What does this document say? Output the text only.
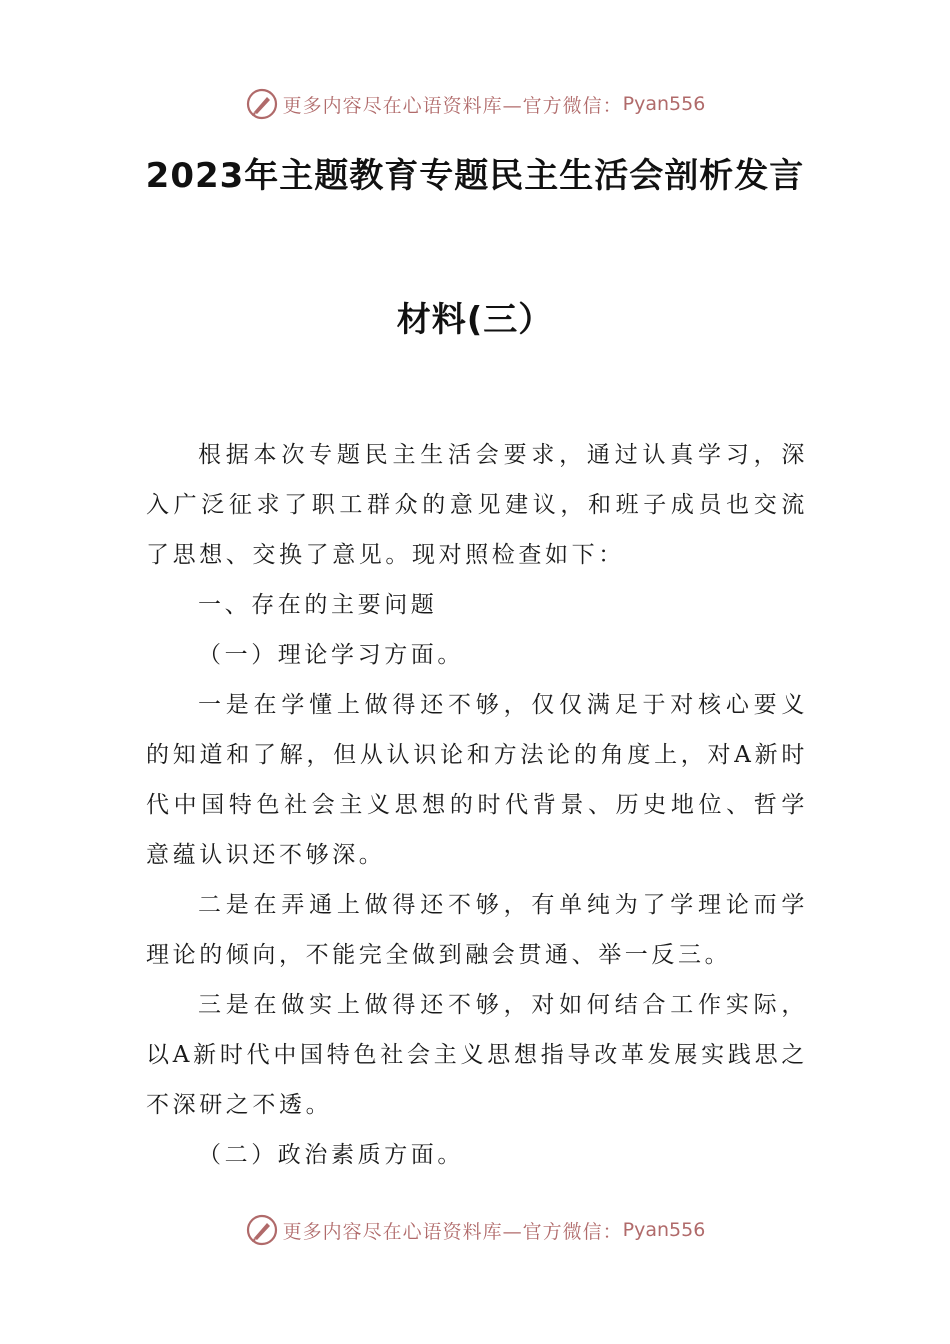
更多内容尽在心语资料库—官方微信： Pyan556
2023年主题教育专题民主生活会剖析发言
材料(三）

根据本次专题民主生活会要求，通过认真学习，深入广泛征求了职工群众的意见建议，和班子成员也交流了思想、交换了意见。现对照检查如下：

一、存在的主要问题

（一）理论学习方面。

一是在学懂上做得还不够，仅仅满足于对核心要义的知道和了解，但从认识论和方法论的角度上，对A新时代中国特色社会主义思想的时代背景、历史地位、哲学意蕴认识还不够深。

二是在弄通上做得还不够，有单纯为了学理论而学理论的倾向，不能完全做到融会贯通、举一反三。

三是在做实上做得还不够，对如何结合工作实际，以A新时代中国特色社会主义思想指导改革发展实践思之不深研之不透。

（二）政治素质方面。

更多内容尽在心语资料库—官方微信： Pyan556
